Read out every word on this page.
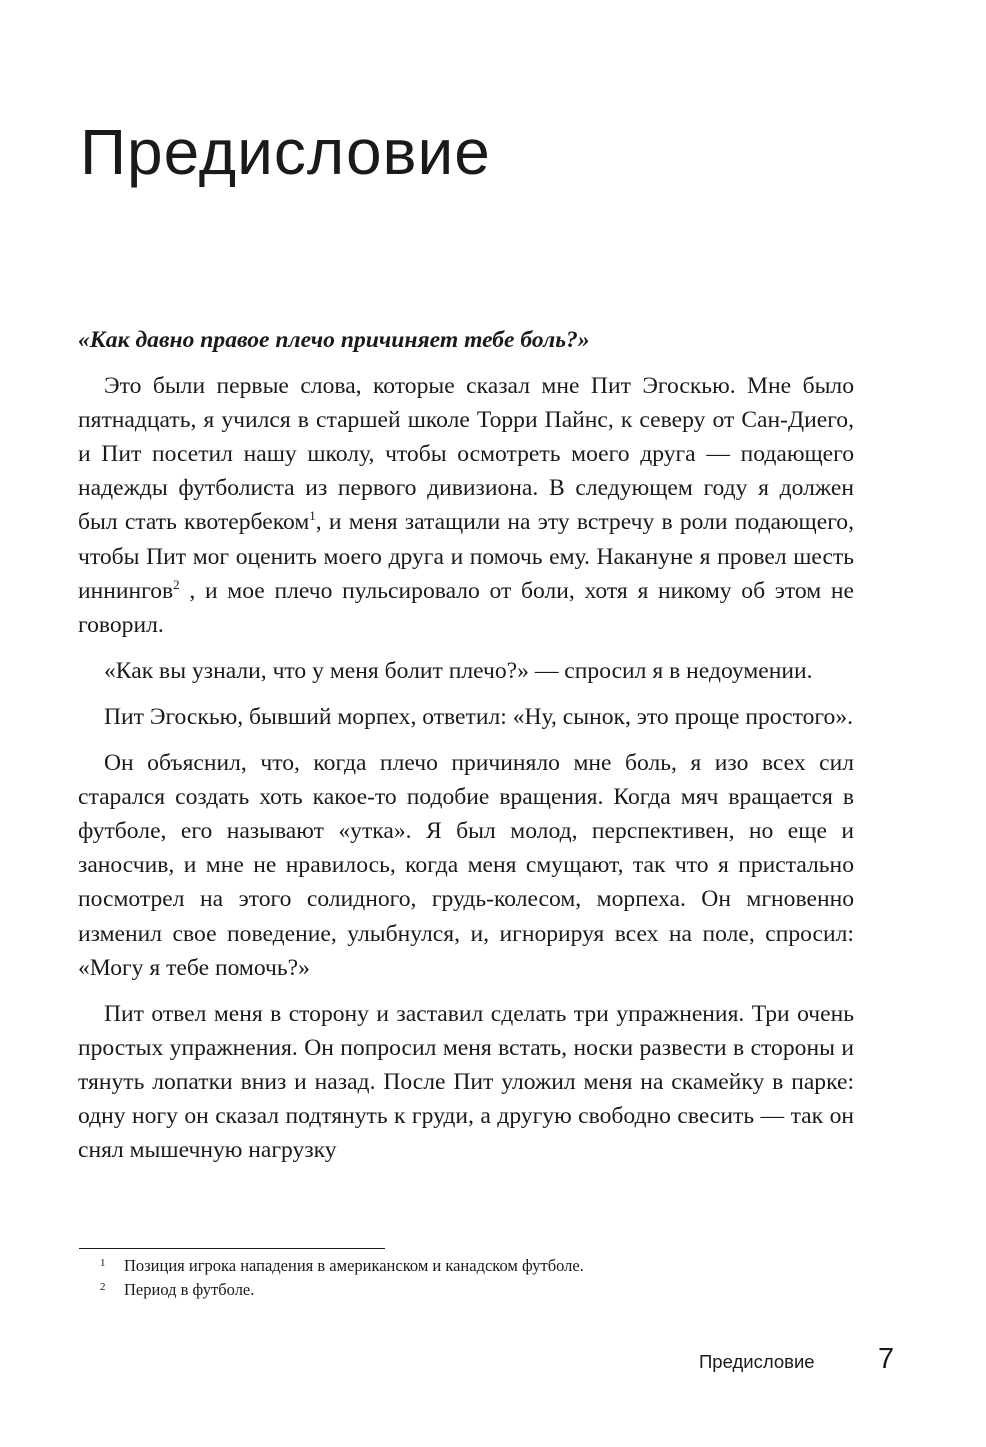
Предисловие

«Как давно правое плечо причиняет тебе боль?»

Это были первые слова, которые сказал мне Пит Эгоскью. Мне было пятнадцать, я учился в старшей школе Торри Пайнс, к северу от Сан-Диего, и Пит посетил нашу школу, чтобы осмотреть моего друга — подающего надежды футболиста из первого дивизиона. В следующем году я должен был стать квотербеком$^1$, и меня затащили на эту встречу в роли подающего, чтобы Пит мог оценить моего друга и помочь ему. Накануне я провел шесть иннингов$^2$ , и мое плечо пульсировало от боли, хотя я никому об этом не говорил.

«Как вы узнали, что у меня болит плечо?» — спросил я в недоумении.

Пит Эгоскью, бывший морпех, ответил: «Ну, сынок, это проще простого».

Он объяснил, что, когда плечо причиняло мне боль, я изо всех сил старался создать хоть какое-то подобие вращения. Когда мяч вращается в футболе, его называют «утка». Я был молод, перспективен, но еще и заносчив, и мне не нравилось, когда меня смущают, так что я пристально посмотрел на этого солидного, грудь-колесом, морпеха. Он мгновенно изменил свое поведение, улыбнулся, и, игнорируя всех на поле, спросил: «Могу я тебе помочь?»

Пит отвел меня в сторону и заставил сделать три упражнения. Три очень простых упражнения. Он попросил меня встать, носки развести в стороны и тянуть лопатки вниз и назад. После Пит уложил меня на скамейку в парке: одну ногу он сказал подтянуть к груди, а другую свободно свесить — так он снял мышечную нагрузку

1	Позиция игрока нападения в американском и канадском футболе.
2	Период в футболе.
Предисловие 7
